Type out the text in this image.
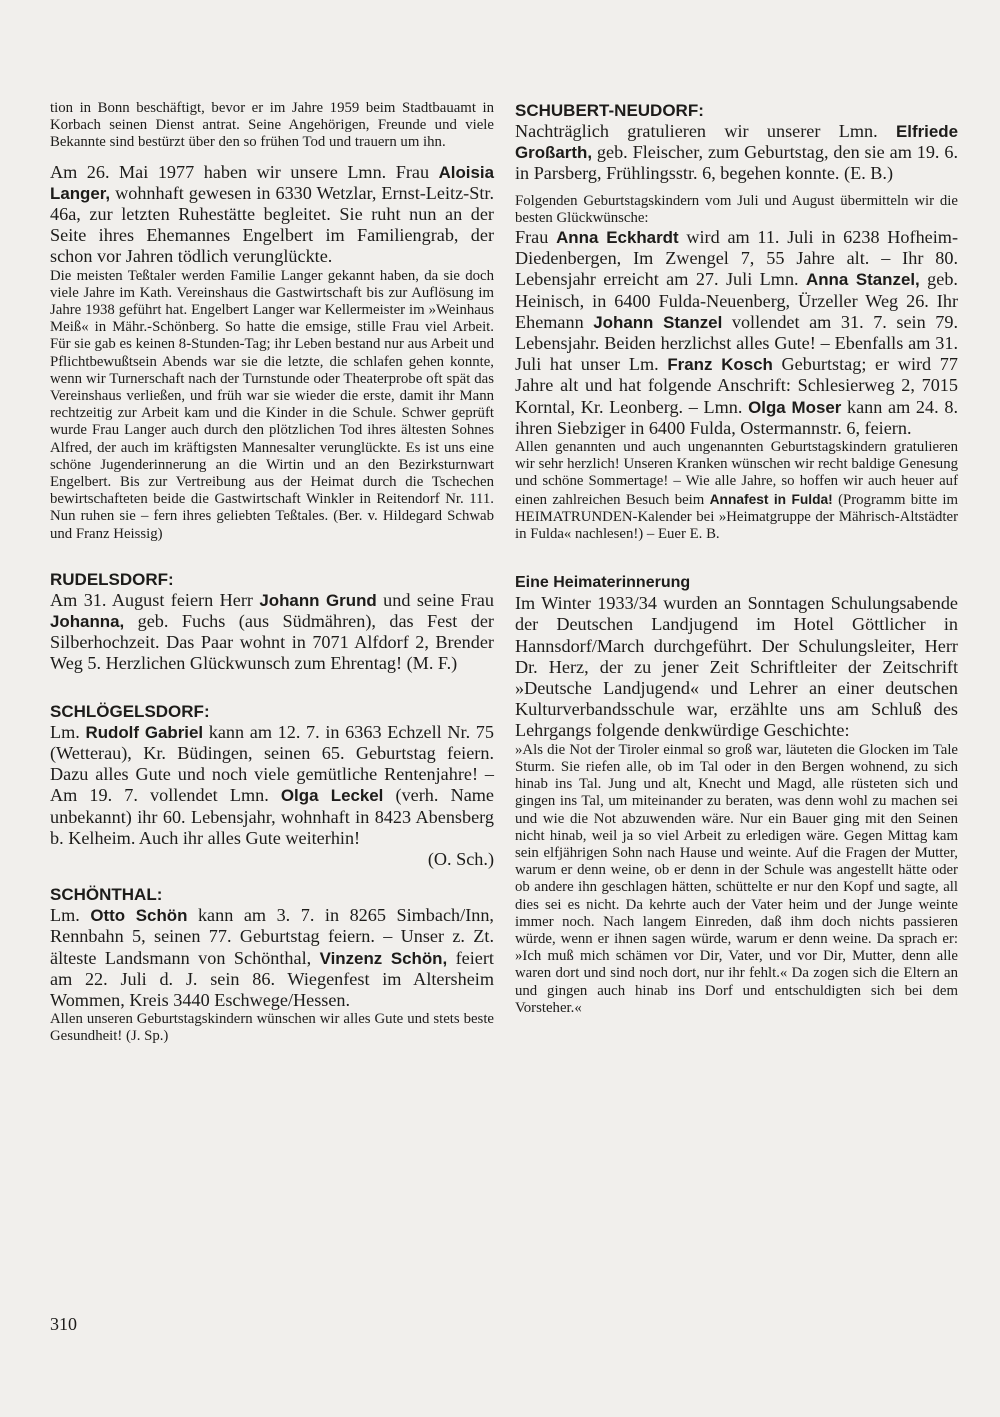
tion in Bonn beschäftigt, bevor er im Jahre 1959 beim Stadtbauamt in Korbach seinen Dienst antrat. Seine Angehörigen, Freunde und viele Bekannte sind bestürzt über den so frühen Tod und trauern um ihn.

Am 26. Mai 1977 haben wir unsere Lmn. Frau Aloisia Langer, wohnhaft gewesen in 6330 Wetzlar, Ernst-Leitz-Str. 46a, zur letzten Ruhestätte begleitet. Sie ruht nun an der Seite ihres Ehemannes Engelbert im Familiengrab, der schon vor Jahren tödlich verunglückte.

Die meisten Teßtaler werden Familie Langer gekannt haben, da sie doch viele Jahre im Kath. Vereinshaus die Gastwirtschaft bis zur Auflösung im Jahre 1938 geführt hat. Engelbert Langer war Kellermeister im »Weinhaus Meiß« in Mähr.-Schönberg. So hatte die emsige, stille Frau viel Arbeit. Für sie gab es keinen 8-Stunden-Tag; ihr Leben bestand nur aus Arbeit und Pflichtbewußtsein Abends war sie die letzte, die schlafen gehen konnte, wenn wir Turnerschaft nach der Turnstunde oder Theaterprobe oft spät das Vereinshaus verließen, und früh war sie wieder die erste, damit ihr Mann rechtzeitig zur Arbeit kam und die Kinder in die Schule. Schwer geprüft wurde Frau Langer auch durch den plötzlichen Tod ihres ältesten Sohnes Alfred, der auch im kräftigsten Mannesalter verunglückte. Es ist uns eine schöne Jugenderinnerung an die Wirtin und an den Bezirksturnwart Engelbert. Bis zur Vertreibung aus der Heimat durch die Tschechen bewirtschafteten beide die Gastwirtschaft Winkler in Reitendorf Nr. 111. Nun ruhen sie – fern ihres geliebten Teßtales. (Ber. v. Hildegard Schwab und Franz Heissig)

RUDELSDORF:

Am 31. August feiern Herr Johann Grund und seine Frau Johanna, geb. Fuchs (aus Südmähren), das Fest der Silberhochzeit. Das Paar wohnt in 7071 Alfdorf 2, Brender Weg 5. Herzlichen Glückwunsch zum Ehrentag! (M. F.)

SCHLÖGELSDORF:

Lm. Rudolf Gabriel kann am 12. 7. in 6363 Echzell Nr. 75 (Wetterau), Kr. Büdingen, seinen 65. Geburtstag feiern. Dazu alles Gute und noch viele gemütliche Rentenjahre! – Am 19. 7. vollendet Lmn. Olga Leckel (verh. Name unbekannt) ihr 60. Lebensjahr, wohnhaft in 8423 Abensberg b. Kelheim. Auch ihr alles Gute weiterhin!

(O. Sch.)

SCHÖNTHAL:

Lm. Otto Schön kann am 3. 7. in 8265 Simbach/Inn, Rennbahn 5, seinen 77. Geburtstag feiern. – Unser z. Zt. älteste Landsmann von Schönthal, Vinzenz Schön, feiert am 22. Juli d. J. sein 86. Wiegenfest im Altersheim Wommen, Kreis 3440 Eschwege/Hessen.

Allen unseren Geburtstagskindern wünschen wir alles Gute und stets beste Gesundheit! (J. Sp.)

SCHUBERT-NEUDORF:

Nachträglich gratulieren wir unserer Lmn. Elfriede Großarth, geb. Fleischer, zum Geburtstag, den sie am 19. 6. in Parsberg, Frühlingsstr. 6, begehen konnte. (E. B.)

Folgenden Geburtstagskindern vom Juli und August übermitteln wir die besten Glückwünsche:

Frau Anna Eckhardt wird am 11. Juli in 6238 Hofheim-Diedenbergen, Im Zwengel 7, 55 Jahre alt. – Ihr 80. Lebensjahr erreicht am 27. Juli Lmn. Anna Stanzel, geb. Heinisch, in 6400 Fulda-Neuenberg, Ürzeller Weg 26. Ihr Ehemann Johann Stanzel vollendet am 31. 7. sein 79. Lebensjahr. Beiden herzlichst alles Gute! – Ebenfalls am 31. Juli hat unser Lm. Franz Kosch Geburtstag; er wird 77 Jahre alt und hat folgende Anschrift: Schlesierweg 2, 7015 Korntal, Kr. Leonberg. – Lmn. Olga Moser kann am 24. 8. ihren Siebziger in 6400 Fulda, Ostermannstr. 6, feiern.

Allen genannten und auch ungenannten Geburtstagskindern gratulieren wir sehr herzlich! Unseren Kranken wünschen wir recht baldige Genesung und schöne Sommertage! – Wie alle Jahre, so hoffen wir auch heuer auf einen zahlreichen Besuch beim Annafest in Fulda! (Programm bitte im HEIMATRUNDEN-Kalender bei »Heimatgruppe der Mährisch-Altstädter in Fulda« nachlesen!) – Euer E. B.

Eine Heimaterinnerung

Im Winter 1933/34 wurden an Sonntagen Schulungsabende der Deutschen Landjugend im Hotel Göttlicher in Hannsdorf/March durchgeführt. Der Schulungsleiter, Herr Dr. Herz, der zu jener Zeit Schriftleiter der Zeitschrift »Deutsche Landjugend« und Lehrer an einer deutschen Kulturverbandsschule war, erzählte uns am Schluß des Lehrgangs folgende denkwürdige Geschichte:

»Als die Not der Tiroler einmal so groß war, läuteten die Glocken im Tale Sturm. Sie riefen alle, ob im Tal oder in den Bergen wohnend, zu sich hinab ins Tal. Jung und alt, Knecht und Magd, alle rüsteten sich und gingen ins Tal, um miteinander zu beraten, was denn wohl zu machen sei und wie die Not abzuwenden wäre. Nur ein Bauer ging mit den Seinen nicht hinab, weil ja so viel Arbeit zu erledigen wäre. Gegen Mittag kam sein elfjährigen Sohn nach Hause und weinte. Auf die Fragen der Mutter, warum er denn weine, ob er denn in der Schule was angestellt hätte oder ob andere ihn geschlagen hätten, schüttelte er nur den Kopf und sagte, all dies sei es nicht. Da kehrte auch der Vater heim und der Junge weinte immer noch. Nach langem Einreden, daß ihm doch nichts passieren würde, wenn er ihnen sagen würde, warum er denn weine. Da sprach er: »Ich muß mich schämen vor Dir, Vater, und vor Dir, Mutter, denn alle waren dort und sind noch dort, nur ihr fehlt.« Da zogen sich die Eltern an und gingen auch hinab ins Dorf und entschuldigten sich bei dem Vorsteher.«

310
